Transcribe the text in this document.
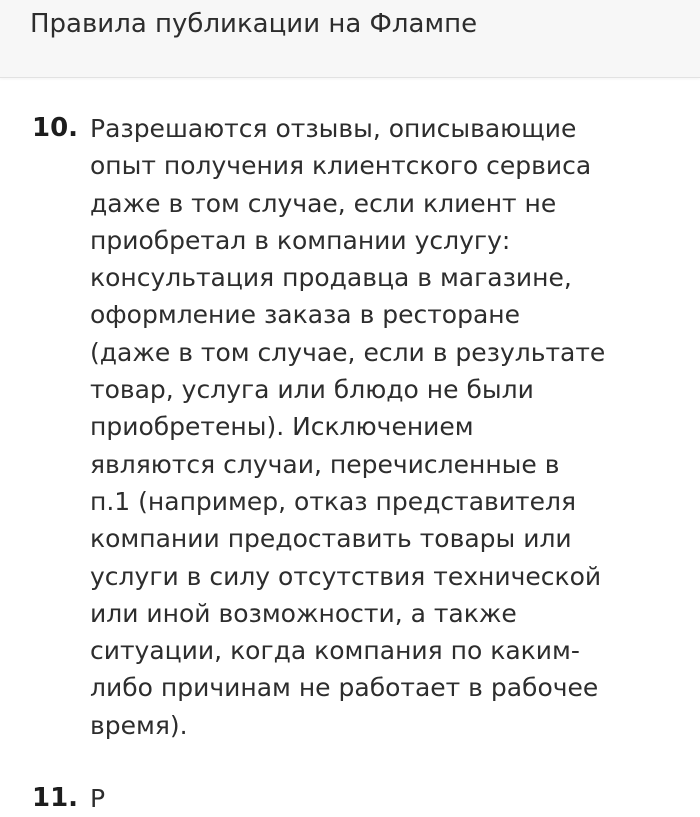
Правила публикации на Флампе
10. Разрешаются отзывы, описывающие
опыт получения клиентского сервиса
даже в том случае, если клиент не
приобретал в компании услугу:
консультация продавца в магазине,
оформление заказа в ресторане
(даже в том случае, если в результате
товар, услуга или блюдо не были
приобретены). Исключением
являются случаи, перечисленные в
п.1 (например, отказ представителя
компании предоставить товары или
услуги в силу отсутствия технической
или иной возможности, а также
ситуации, когда компания по каким-
либо причинам не работает в рабочее
время).
11. Р
